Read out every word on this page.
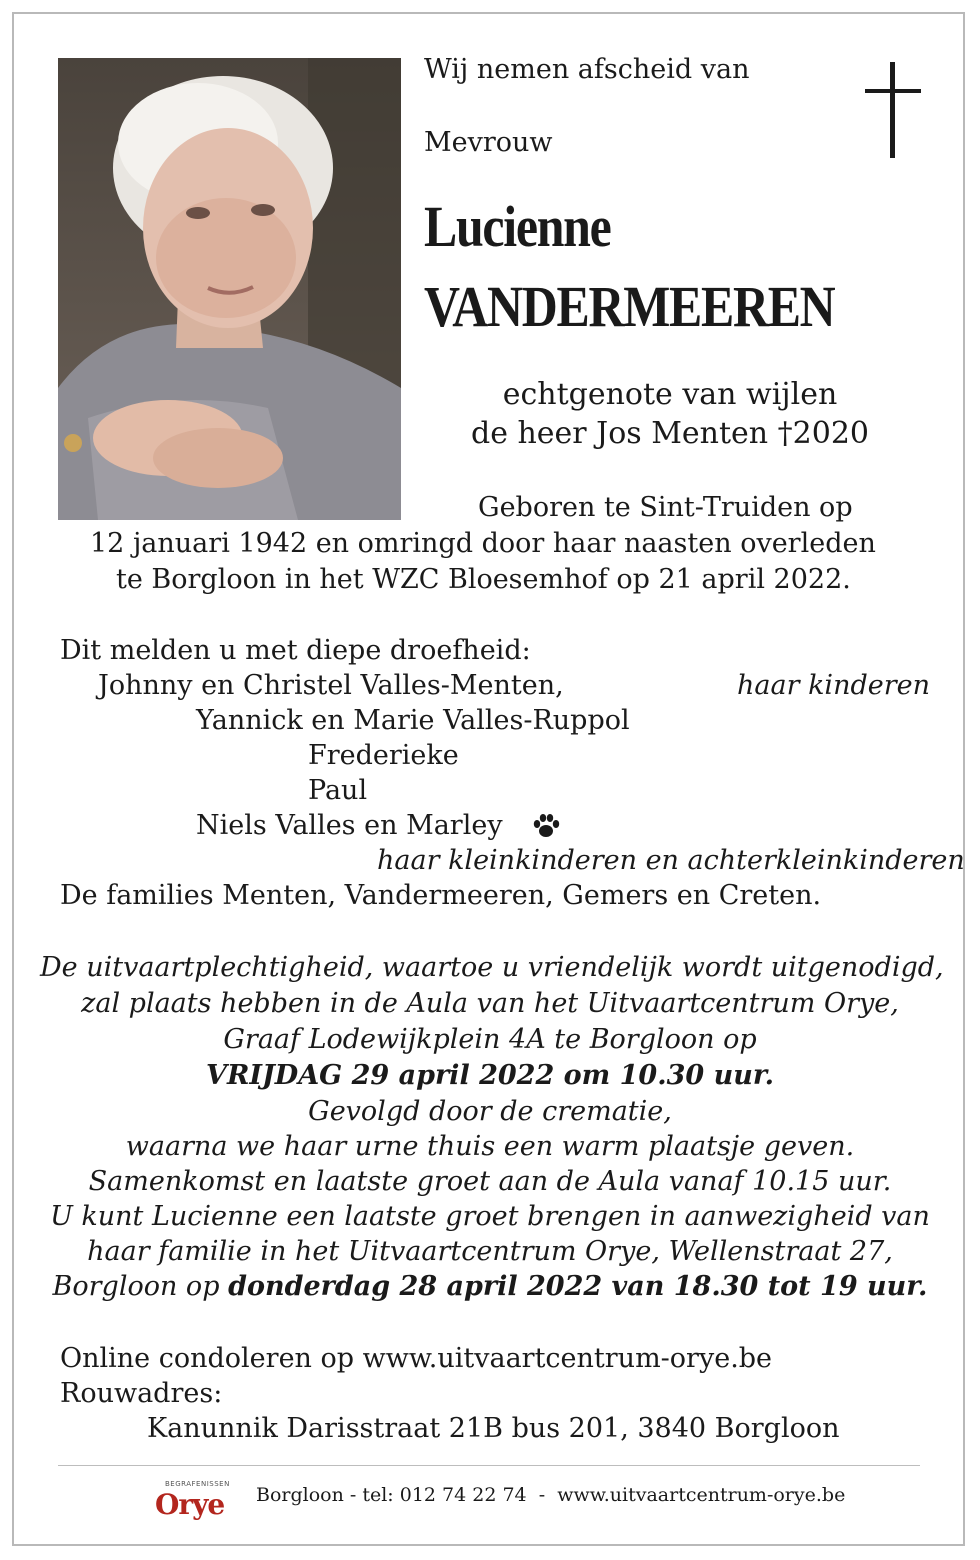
Wij nemen afscheid van
Mevrouw
Lucienne
VANDERMEEREN
echtgenote van wijlen
de heer Jos Menten †2020
Geboren te Sint-Truiden op
12 januari 1942 en omringd door haar naasten overleden
te Borgloon in het WZC Bloesemhof op 21 april 2022.
Dit melden u met diepe droefheid:
Johnny en Christel Valles-Menten,	haar kinderen
Yannick en Marie Valles-Ruppol
Frederieke
Paul
Niels Valles en Marley
haar kleinkinderen en achterkleinkinderen
De families Menten, Vandermeeren, Gemers en Creten.
De uitvaartplechtigheid, waartoe u vriendelijk wordt uitgenodigd,
zal plaats hebben in de Aula van het Uitvaartcentrum Orye,
Graaf Lodewijkplein 4A te Borgloon op
VRIJDAG 29 april 2022 om 10.30 uur.
Gevolgd door de crematie,
waarna we haar urne thuis een warm plaatsje geven.
Samenkomst en laatste groet aan de Aula vanaf 10.15 uur.
U kunt Lucienne een laatste groet brengen in aanwezigheid van
haar familie in het Uitvaartcentrum Orye, Wellenstraat 27,
Borgloon op donderdag 28 april 2022 van 18.30 tot 19 uur.
Online condoleren op www.uitvaartcentrum-orye.be
Rouwadres:
Kanunnik Darisstraat 21B bus 201, 3840 Borgloon
BEGRAFENISSEN
Orye Borgloon - tel: 012 74 22 74  -  www.uitvaartcentrum-orye.be
